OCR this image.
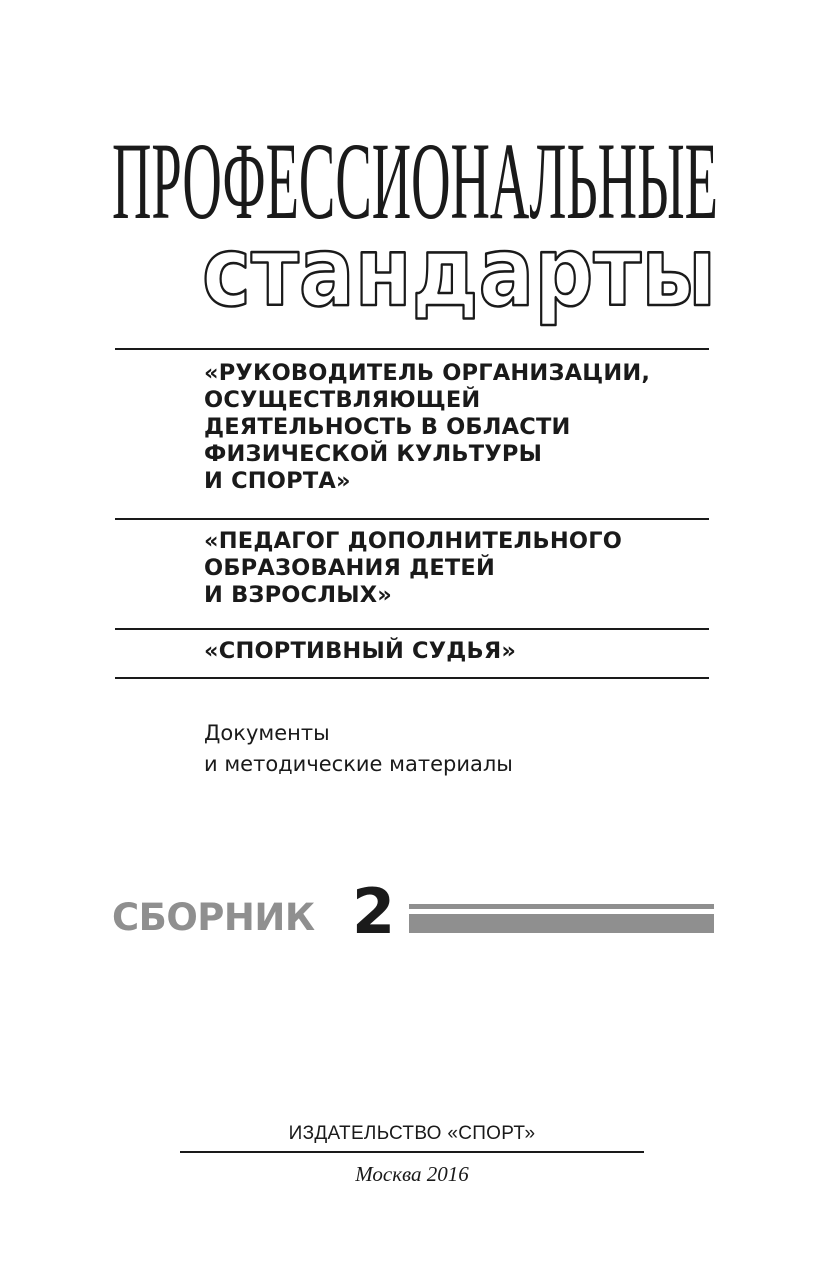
ПРОФЕССИОНАЛЬНЫЕ
стандарты
«РУКОВОДИТЕЛЬ ОРГАНИЗАЦИИ,
ОСУЩЕСТВЛЯЮЩЕЙ
ДЕЯТЕЛЬНОСТЬ В ОБЛАСТИ
ФИЗИЧЕСКОЙ КУЛЬТУРЫ
И СПОРТА»
«ПЕДАГОГ ДОПОЛНИТЕЛЬНОГО
ОБРАЗОВАНИЯ ДЕТЕЙ
И ВЗРОСЛЫХ»
«СПОРТИВНЫЙ СУДЬЯ»
Документы
и методические материалы
СБОРНИК 2
ИЗДАТЕЛЬСТВО «СПОРТ»
Москва 2016
